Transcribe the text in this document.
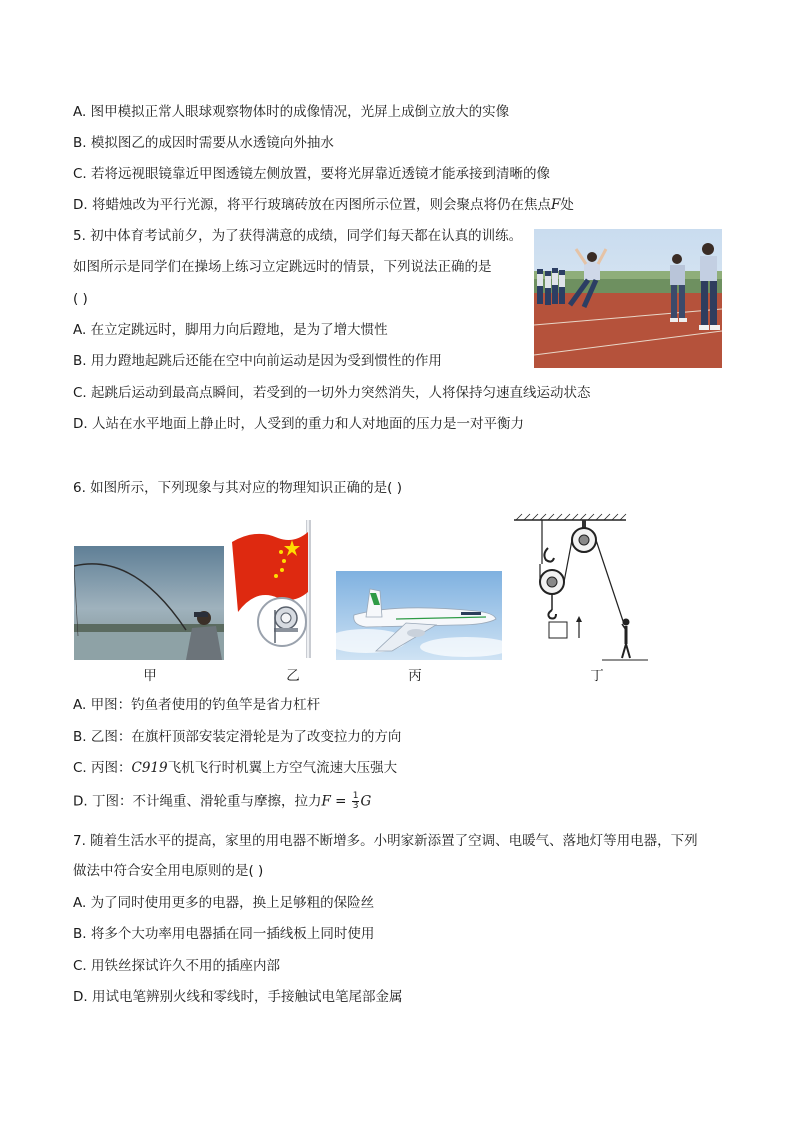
A. 图甲模拟正常人眼球观察物体时的成像情况，光屏上成倒立放大的实像
B. 模拟图乙的成因时需要从水透镜向外抽水
C. 若将远视眼镜靠近甲图透镜左侧放置，要将光屏靠近透镜才能承接到清晰的像
D. 将蜡烛改为平行光源，将平行玻璃砖放在丙图所示位置，则会聚点将仍在焦点F处
5. 初中体育考试前夕，为了获得满意的成绩，同学们每天都在认真的训练。
如图所示是同学们在操场上练习立定跳远时的情景，下列说法正确的是
( )
A. 在立定跳远时，脚用力向后蹬地，是为了增大惯性
B. 用力蹬地起跳后还能在空中向前运动是因为受到惯性的作用
C. 起跳后运动到最高点瞬间，若受到的一切外力突然消失，人将保持匀速直线运动状态
D. 人站在水平地面上静止时，人受到的重力和人对地面的压力是一对平衡力
6. 如图所示，下列现象与其对应的物理知识正确的是( )
甲	乙	丙	丁
A. 甲图：钓鱼者使用的钓鱼竿是省力杠杆
B. 乙图：在旗杆顶部安装定滑轮是为了改变拉力的方向
C. 丙图：C919飞机飞行时机翼上方空气流速大压强大
D. 丁图：不计绳重、滑轮重与摩擦，拉力$F = \frac{1}{3}$ G
7. 随着生活水平的提高，家里的用电器不断增多。小明家新添置了空调、电暖气、落地灯等用电器，下列
做法中符合安全用电原则的是( )
A. 为了同时使用更多的电器，换上足够粗的保险丝
B. 将多个大功率用电器插在同一插线板上同时使用
C. 用铁丝探试许久不用的插座内部
D. 用试电笔辨别火线和零线时，手接触试电笔尾部金属
